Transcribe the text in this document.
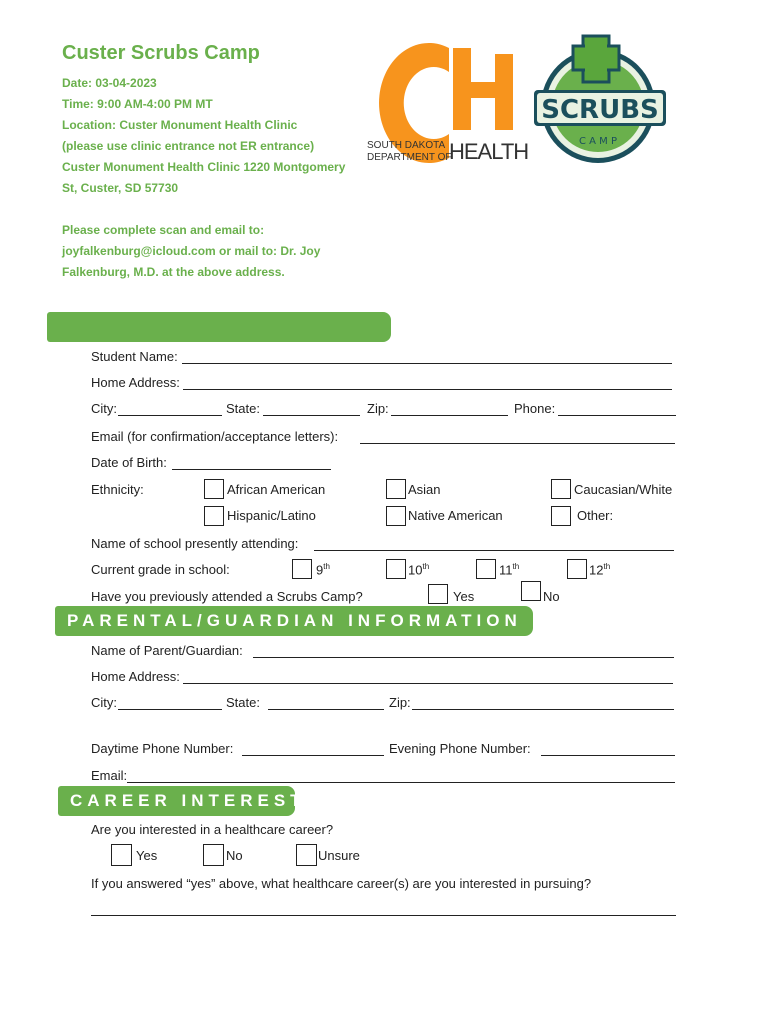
Custer Scrubs Camp
Date: 03-04-2023
Time: 9:00 AM-4:00 PM MT
Location: Custer Monument Health Clinic
(please use clinic entrance not ER entrance)
Custer Monument Health Clinic 1220 Montgomery
St, Custer, SD 57730
Please complete scan and email to:
joyfalkenburg@icloud.com or mail to: Dr. Joy
Falkenburg, M.D. at the above address.
SOUTH DAKOTA
DEPARTMENT OF
HEALTH
SCRUBS
C A M P
Student Name:
Home Address:
City:	State:	Zip:	Phone:
Email (for confirmation/acceptance letters):
Date of Birth:
Ethnicity:	African American	Asian	Caucasian/White
Hispanic/Latino	Native American	Other:
Name of school presently attending:
Current grade in school:	9th	10th	11th	12th
Have you previously attended a Scrubs Camp?	Yes	No
PARENTAL/GUARDIAN INFORMATION
Name of Parent/Guardian:
Home Address:
City:	State:	Zip:
Daytime Phone Number:	Evening Phone Number:
Email:
CAREER INTEREST
Are you interested in a healthcare career?
Yes	No	Unsure
If you answered “yes” above, what healthcare career(s) are you interested in pursuing?
